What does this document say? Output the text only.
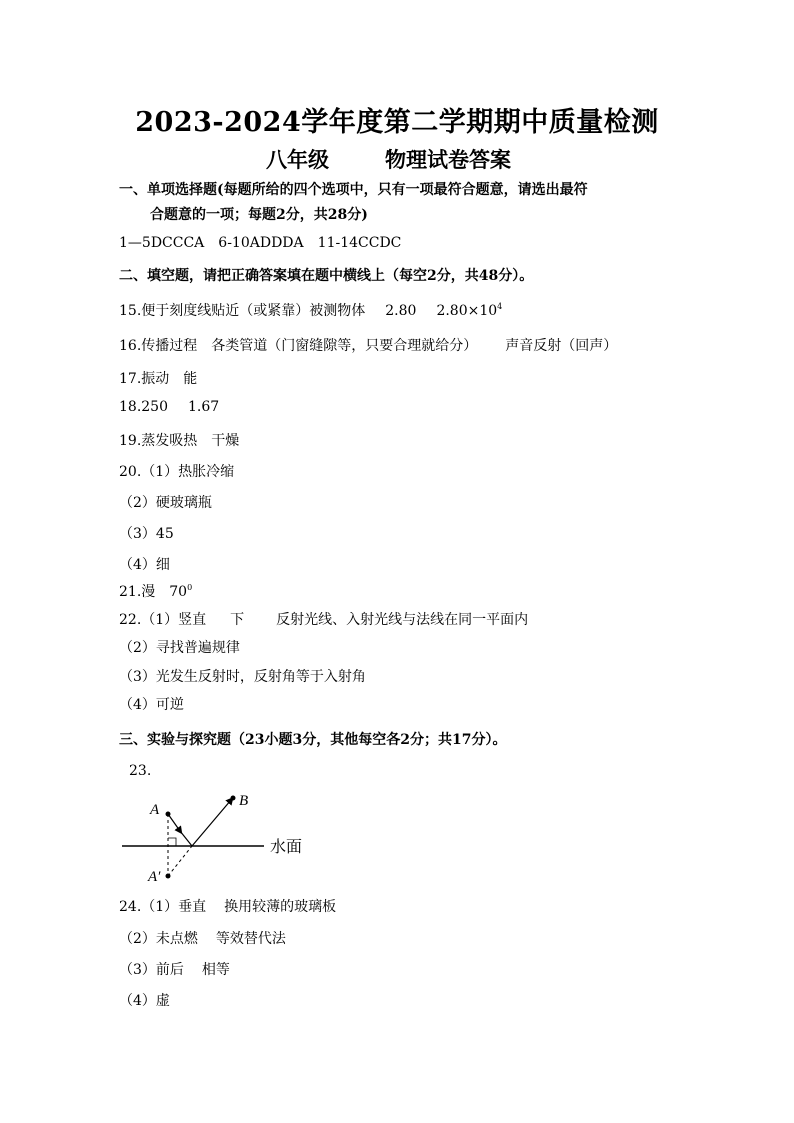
2023-2024学年度第二学期期中质量检测
八年级	物理试卷答案
一、单项选择题(每题所给的四个选项中，只有一项最符合题意，请选出最符
合题意的一项；每题2分，共28分)
1—5DCCCA 6-10ADDDA 11-14CCDC
二、填空题，请把正确答案填在题中横线上（每空2分，共48分）。
15.便于刻度线贴近（或紧靠）被测物体 2.80 $2.80\times 10^4$
16.传播过程 各类管道（门窗缝隙等，只要合理就给分） 声音反射（回声）
17.振动 能
18.250 1.67
19.蒸发吸热 干燥
20.（1）热胀冷缩
（2）硬玻璃瓶
（3）45
（4）细
21.漫 $70^0$
22.（1）竖直 下 反射光线、入射光线与法线在同一平面内
（2）寻找普遍规律
（3）光发生反射时，反射角等于入射角
（4）可逆
三、实验与探究题（23小题3分，其他每空各2分；共17分）。
23.
A
B
A′
水面
24.（1）垂直 换用较薄的玻璃板
（2）未点燃 等效替代法
（3）前后 相等
（4）虚
